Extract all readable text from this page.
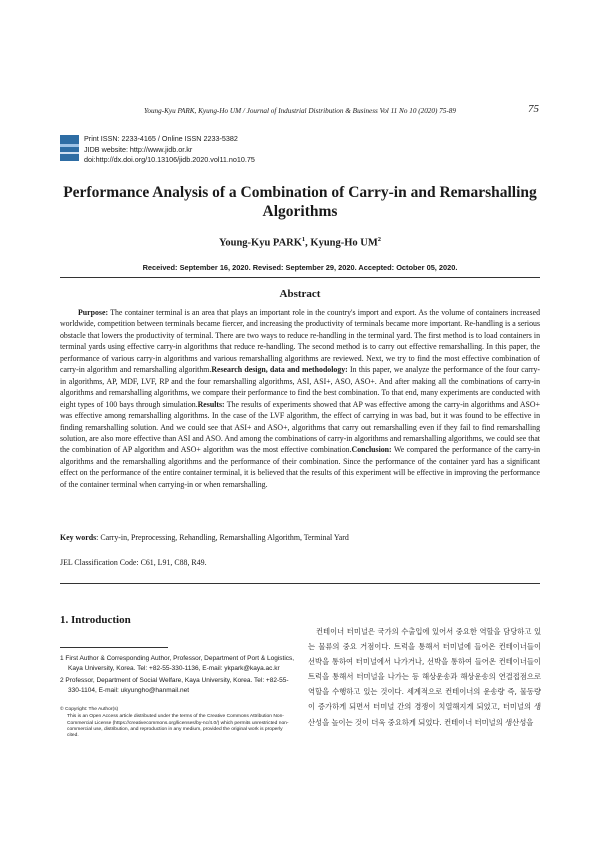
Young-Kyu PARK, Kyung-Ho UM / Journal of Industrial Distribution & Business Vol 11 No 10 (2020) 75-89	75
Print ISSN: 2233-4165 / Online ISSN 2233-5382
JIDB website: http://www.jidb.or.kr
doi:http://dx.doi.org/10.13106/jidb.2020.vol11.no10.75
Performance Analysis of a Combination of Carry-in and Remarshalling Algorithms
Young-Kyu PARK$^1$, Kyung-Ho $UM^2$
Received: September 16, 2020. Revised: September 29, 2020. Accepted: October 05, 2020.
Abstract

Purpose: The container terminal is an area that plays an important role in the country's import and export. As the volume of containers increased worldwide, competition between terminals became fiercer, and increasing the productivity of terminals became more important. Re-handling is a serious obstacle that lowers the productivity of terminal. There are two ways to reduce re-handling in the terminal yard. The first method is to load containers in terminal yards using effective carry-in algorithms that reduce re-handling. The second method is to carry out effective remarshalling. In this paper, the performance of various carry-in algorithms and various remarshalling algorithms are reviewed. Next, we try to find the most effective combination of carry-in algorithm and remarshalling algorithm.Research design, data and methodology: In this paper, we analyze the performance of the four carry-in algorithms, AP, MDF, LVF, RP and the four remarshalling algorithms, ASI, ASI+, ASO, ASO+. And after making all the combinations of carry-in algorithms and remarshalling algorithms, we compare their performance to find the best combination. To that end, many experiments are conducted with eight types of 100 bays through simulation.Results: The results of experiments showed that AP was effective among the carry-in algorithms and ASO+ was effective among remarshalling algorithms. In the case of the LVF algorithm, the effect of carrying in was bad, but it was found to be effective in finding remarshalling solution. And we could see that ASI+ and ASO+, algorithms that carry out remarshalling even if they fail to find remarshalling solution, are also more effective than ASI and ASO. And among the combinations of carry-in algorithms and remarshalling algorithms, we could see that the combination of AP algorithm and ASO+ algorithm was the most effective combination.Conclusion: We compared the performance of the carry-in algorithms and the remarshalling algorithms and the performance of their combination. Since the performance of the container yard has a significant effect on the performance of the entire container terminal, it is believed that the results of this experiment will be effective in improving the performance of the container terminal when carrying-in or when remarshalling.

Key words: Carry-in, Preprocessing, Rehandling, Remarshalling Algorithm, Terminal Yard
JEL Classification Code: C61, L91, C88, R49.
1. Introduction

1 First Author & Corresponding Author, Professor, Department of Port & Logistics, Kaya University, Korea. Tel: +82-55-330-1136, E-mail: ykpark@kaya.ac.kr

2 Professor, Department of Social Welfare, Kaya University, Korea. Tel: +82-55-330-1104, E-mail: ukyungho@hanmail.net

© Copyright: The Author(s)

This is an Open Access article distributed under the terms of the Creative Commons Attribution Non-Commercial License (https://creativecommons.org/licenses/by-nc/4.0/) which permits unrestricted non-commercial use, distribution, and reproduction in any medium, provided the original work is properly cited.

컨테이너 터미널은 국가의 수출입에 있어서 중요한 역할을 담당하고 있는 물류의 중요 거점이다. 트럭을 통해서 터미널에 들어온 컨테이너들이 선박을 통하여 터미널에서 나가거나, 선박을 통하여 들어온 컨테이너들이 트럭을 통해서 터미널을 나가는 등 해상운송과 해상운송의 연결접점으로 역할을 수행하고 있는 것이다. 세계적으로 컨테이너의 운송량 즉, 물동량이 증가하게 되면서 터미널 간의 경쟁이 치열해지게 되었고, 터미널의 생산성을 높이는 것이 더욱 중요하게 되었다. 컨테이너 터미널의 생산성을
